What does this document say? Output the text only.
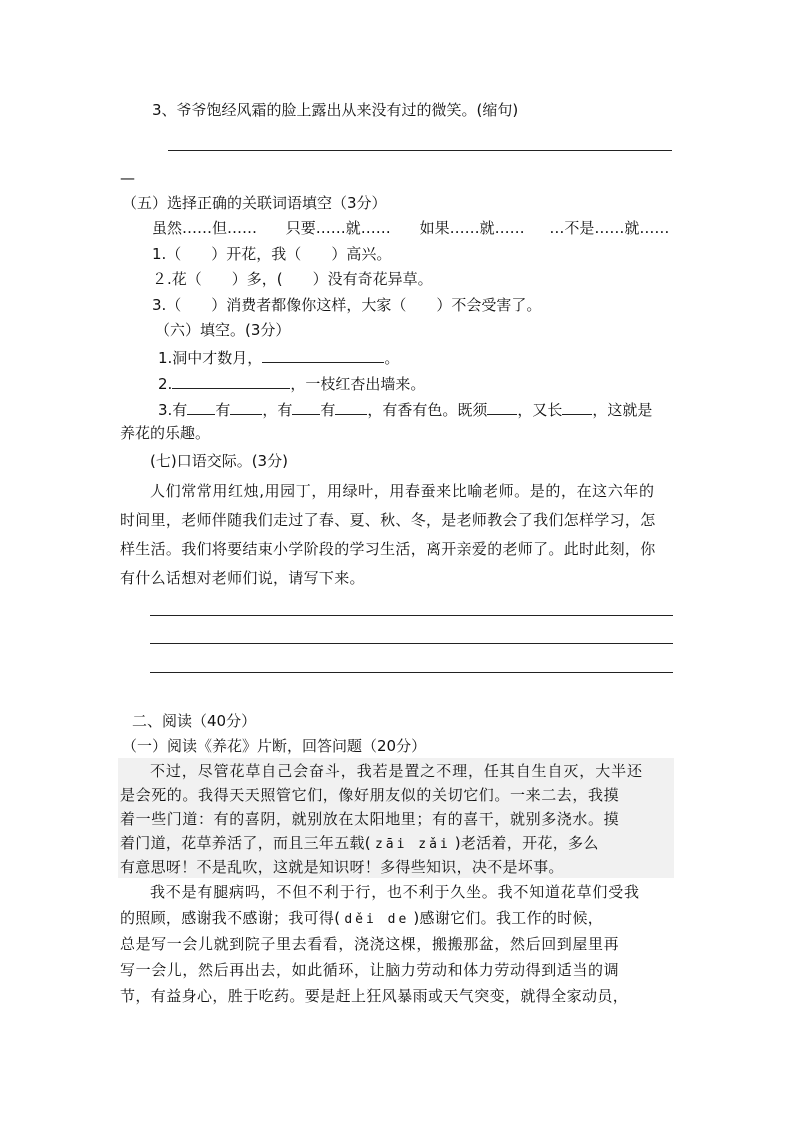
3、爷爷饱经风霜的脸上露出从来没有过的微笑。(缩句)
—
（五）选择正确的关联词语填空（3分）
虽然……但…… 只要……就…… 如果……就…… …不是……就……
1.（　　）开花，我（　　）高兴。
２.花（　　）多，(　　）没有奇花异草。
3.（　　）消费者都像你这样，大家（　　）不会受害了。
（六）填空。(3分）
1.洞中才数月，	。
2.	，一枝红杏出墙来。
3.有 有 ，有 有 ，有香有色。既须 ，又长 ，这就是
养花的乐趣。
(七)口语交际。(3分)
人们常常用红烛,用园丁，用绿叶，用春蚕来比喻老师。是的，在这六年的
时间里，老师伴随我们走过了春、夏、秋、冬，是老师教会了我们怎样学习，怎
样生活。我们将要结束小学阶段的学习生活，离开亲爱的老师了。此时此刻，你
有什么话想对老师们说，请写下来。
二、阅读（40分）
（一）阅读《养花》片断，回答问题（20分）
不过，尽管花草自己会奋斗，我若是置之不理，任其自生自灭，大半还
是会死的。我得天天照管它们，像好朋友似的关切它们。一来二去，我摸
着一些门道：有的喜阴，就别放在太阳地里；有的喜干，就别多浇水。摸
着门道，花草养活了，而且三年五载( zāi zǎi )老活着，开花，多么
有意思呀！不是乱吹，这就是知识呀！多得些知识，决不是坏事。
我不是有腿病吗，不但不利于行，也不利于久坐。我不知道花草们受我
的照顾，感谢我不感谢；我可得( děi de )感谢它们。我工作的时候，
总是写一会儿就到院子里去看看，浇浇这棵，搬搬那盆，然后回到屋里再
写一会儿，然后再出去，如此循环，让脑力劳动和体力劳动得到适当的调
节，有益身心，胜于吃药。要是赶上狂风暴雨或天气突变，就得全家动员，
